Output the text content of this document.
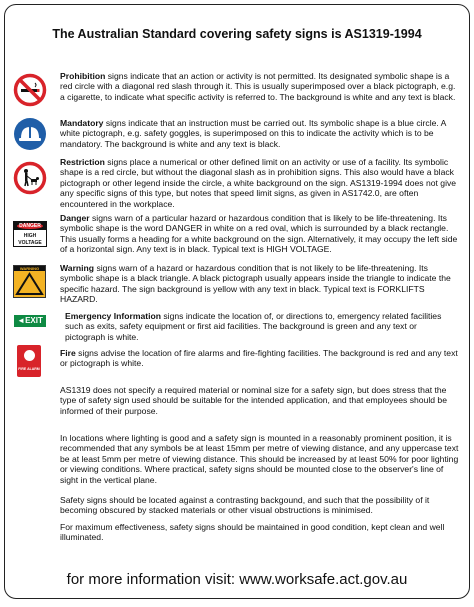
The Australian Standard covering safety signs is AS1319-1994
Prohibition signs indicate that an action or activity is not permitted. Its designated symbolic shape is a red circle with a diagonal red slash through it. This is usually superimposed over a black pictograph, e.g. a cigarette, to indicate what specific activity is referred to. The background is white and any text is black.
Mandatory signs indicate that an instruction must be carried out. Its symbolic shape is a blue circle. A white pictograph, e.g. safety goggles, is superimposed on this to indicate the activity which is to be mandatory. The background is white and any text is black.
Restriction signs place a numerical or other defined limit on an activity or use of a facility. Its symbolic shape is a red circle, but without the diagonal slash as in prohibition signs. This also would have a black pictograph or other legend inside the circle, a white background on the sign. AS1319-1994 does not give any specific signs of this type, but notes that speed limit signs, as given in AS1742.0, are often encountered in the workplace.
DANGER
HIGH VOLTAGE
Danger signs warn of a particular hazard or hazardous condition that is likely to be life-threatening. Its symbolic shape is the word DANGER in white on a red oval, which is surrounded by a black rectangle. This usually forms a heading for a white background on the sign. Alternatively, it may occupy the left side of a horizontal sign. Any text is in black. Typical text is HIGH VOLTAGE.
WARNING	Warning signs warn of a hazard or hazardous condition that is not likely to be life-threatening. Its symbolic shape is a black triangle. A black pictograph usually appears inside the triangle to indicate the specific hazard. The sign background is yellow with any text in black. Typical text is FORKLIFTS HAZARD.
◄EXIT	Emergency Information signs indicate the location of, or directions to, emergency related facilities such as exits, safety equipment or first aid facilities. The background is green and any text or pictograph is white.
FIRE ALARM
Fire signs advise the location of fire alarms and fire-fighting facilities. The background is red and any text or pictograph is white.
AS1319 does not specify a required material or nominal size for a safety sign, but does stress that the type of safety sign used should be suitable for the intended application, and that employees should be informed of their purpose.
In locations where lighting is good and a safety sign is mounted in a reasonably prominent position, it is recommended that any symbols be at least 15mm per metre of viewing distance, and any uppercase text be at least 5mm per metre of viewing distance. This should be increased by at least 50% for poor lighting or viewing conditions. Where practical, safety signs should be mounted close to the observer's line of sight in the vertical plane.
Safety signs should be located against a contrasting backgound, and such that the possibility of it becoming obscured by stacked materials or other visual obstructions is minimised.
For maximum effectiveness, safety signs should be maintained in good condition, kept clean and well illuminated.
for more information visit: www.worksafe.act.gov.au
